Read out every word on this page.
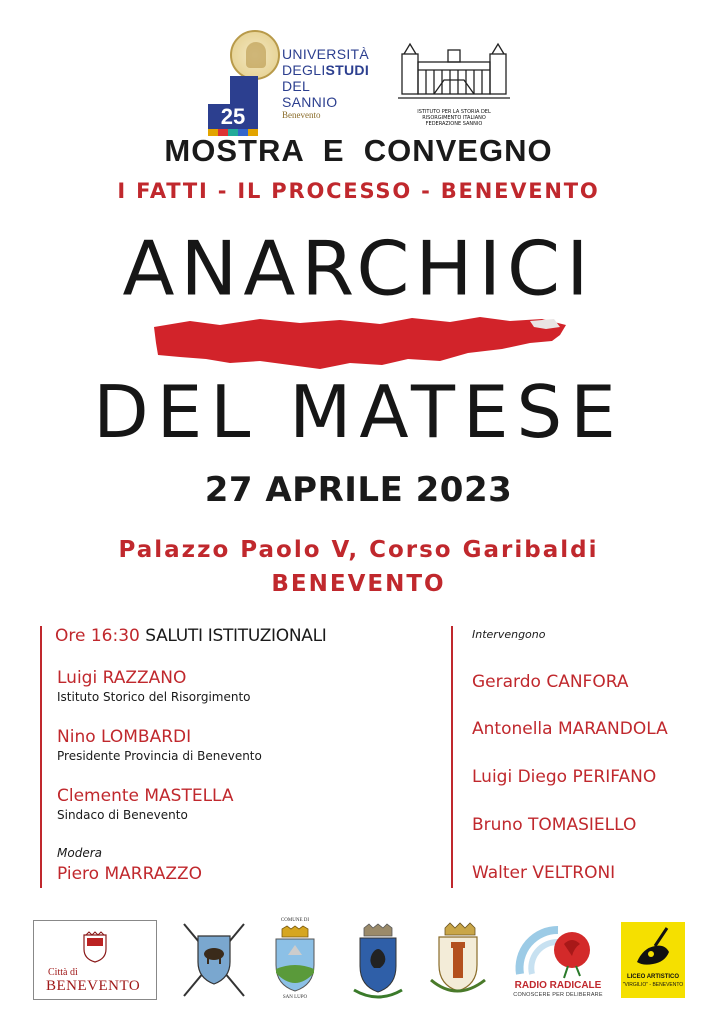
25
UNIVERSITÀ
DEGLISTUDI
DEL
SANNIO
Benevento	ISTITUTO PER LA STORIA DEL RISORGIMENTO ITALIANO
FEDERAZIONE SANNIO
MOSTRA  E  CONVEGNO
I FATTI - IL PROCESSO - BENEVENTO
ANARCHICI
DEL MATESE
27 APRILE 2023
Palazzo Paolo V, Corso Garibaldi
BENEVENTO
Ore 16:30 SALUTI ISTITUZIONALI
Luigi RAZZANO
Istituto Storico del Risorgimento
Nino LOMBARDI
Presidente Provincia di Benevento
Clemente MASTELLA
Sindaco di Benevento
Modera
Piero MARRAZZO
Intervengono
Gerardo CANFORA
Antonella MARANDOLA
Luigi Diego PERIFANO
Bruno TOMASIELLO
Walter VELTRONI
Città di
BENEVENTO
COMUNE DI
SAN LUPO
RADIO RADICALE
CONOSCERE PER DELIBERARE
LICEO ARTISTICO
"VIRGILIO" - BENEVENTO
